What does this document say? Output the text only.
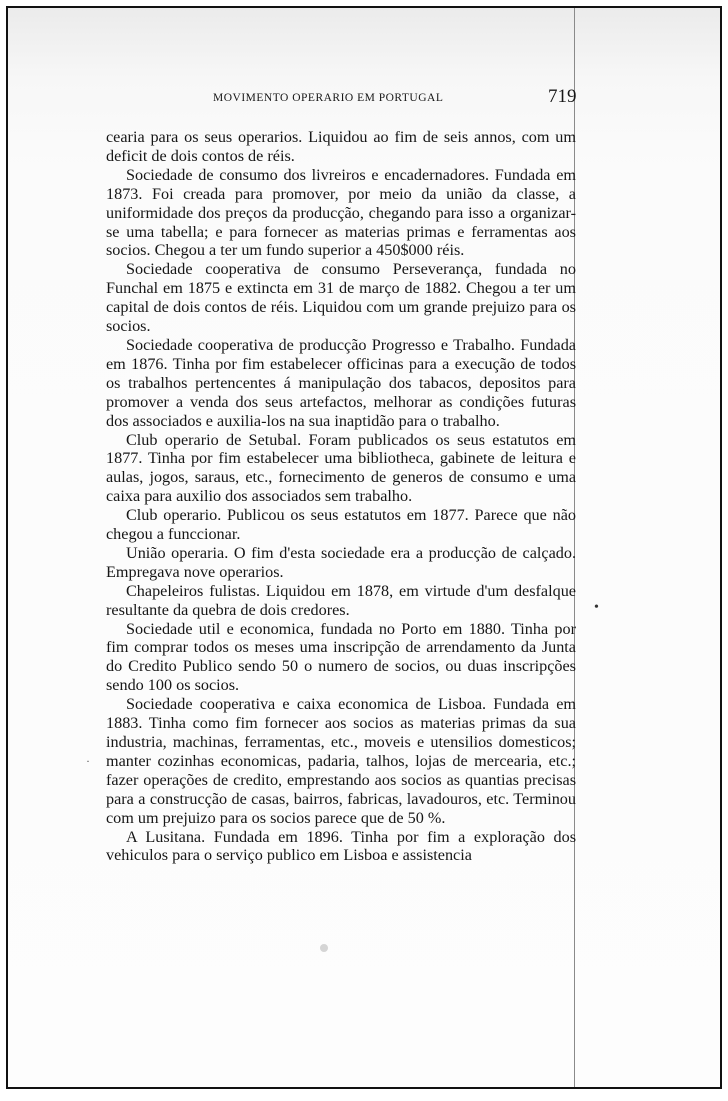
MOVIMENTO OPERARIO EM PORTUGAL	719

cearia para os seus operarios. Liquidou ao fim de seis annos, com um deficit de dois contos de réis.

Sociedade de consumo dos livreiros e encadernadores. Fundada em 1873. Foi creada para promover, por meio da união da classe, a uniformidade dos preços da producção, chegando para isso a organizar-se uma tabella; e para fornecer as materias primas e ferramentas aos socios. Chegou a ter um fundo superior a 450$000 réis.

Sociedade cooperativa de consumo Perseverança, fundada no Funchal em 1875 e extincta em 31 de março de 1882. Chegou a ter um capital de dois contos de réis. Liquidou com um grande prejuizo para os socios.

Sociedade cooperativa de producção Progresso e Trabalho. Fundada em 1876. Tinha por fim estabelecer officinas para a execução de todos os trabalhos pertencentes á manipulação dos tabacos, depositos para promover a venda dos seus artefactos, melhorar as condições futuras dos associados e auxilia-los na sua inaptidão para o trabalho.

Club operario de Setubal. Foram publicados os seus estatutos em 1877. Tinha por fim estabelecer uma bibliotheca, gabinete de leitura e aulas, jogos, saraus, etc., fornecimento de generos de consumo e uma caixa para auxilio dos associados sem trabalho.

Club operario. Publicou os seus estatutos em 1877. Parece que não chegou a funccionar.

União operaria. O fim d'esta sociedade era a producção de calçado. Empregava nove operarios.

Chapeleiros fulistas. Liquidou em 1878, em virtude d'um desfalque resultante da quebra de dois credores.

Sociedade util e economica, fundada no Porto em 1880. Tinha por fim comprar todos os meses uma inscripção de arrendamento da Junta do Credito Publico sendo 50 o numero de socios, ou duas inscripções sendo 100 os socios.

Sociedade cooperativa e caixa economica de Lisboa. Fundada em 1883. Tinha como fim fornecer aos socios as materias primas da sua industria, machinas, ferramentas, etc., moveis e utensilios domesticos; manter cozinhas economicas, padaria, talhos, lojas de mercearia, etc.; fazer operações de credito, emprestando aos socios as quantias precisas para a construcção de casas, bairros, fabricas, lavadouros, etc. Terminou com um prejuizo para os socios parece que de 50 %.

A Lusitana. Fundada em 1896. Tinha por fim a exploração dos vehiculos para o serviço publico em Lisboa e assistencia

•
·
